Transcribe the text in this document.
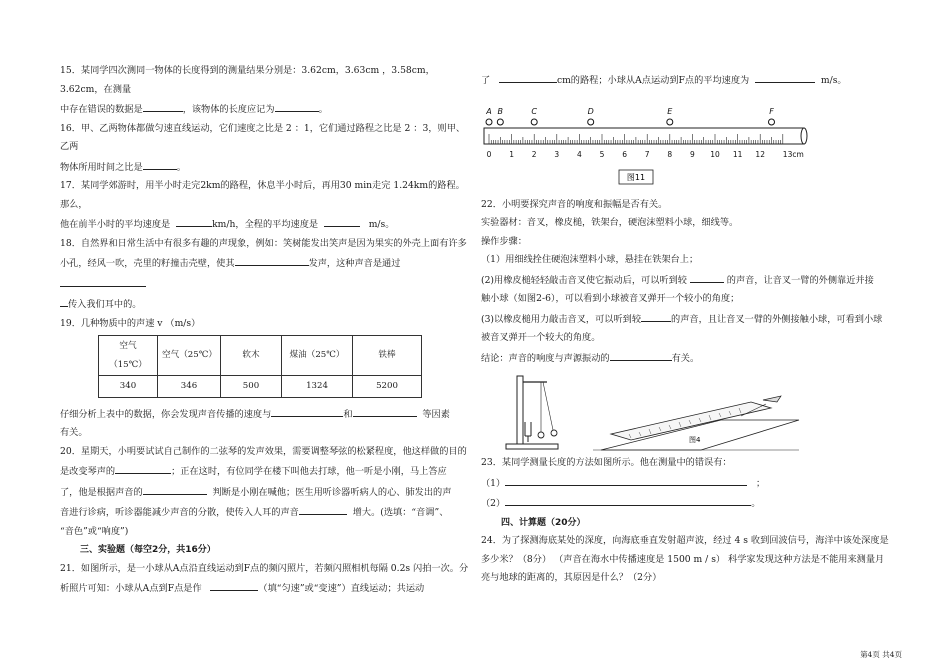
15．某同学四次测同一物体的长度得到的测量结果分别是：3.62cm，3.63cm ，3.58cm，3.62cm，在测量

中存在错误的数据是	，该物体的长度应记为	。

16．甲、乙两物体都做匀速直线运动，它们速度之比是 2 ：1，它们通过路程之比是 2 ：3，则甲、乙两

物体所用时间之比是	。

17．某同学郊游时，用半小时走完2km的路程，休息半小时后，再用30 min走完 1.24km的路程。那么，

他在前半小时的平均速度是	km/h，全程的平均速度是	m/s。

18．自然界和日常生活中有很多有趣的声现象，例如：笑树能发出笑声是因为果实的外壳上面有许多

小孔，经风一吹，壳里的籽撞击壳壁，使其	发声，这种声音是通过

传入我们耳中的。

19．几种物质中的声速 v （m/s）

空气（15℃）	空气（25℃）	软木	煤油（25℃）	铁棒
340	346	500	1324	5200

仔细分析上表中的数据，你会发现声音传播的速度与	和	等因素

有关。

20．星期天，小明要试试自己制作的二弦琴的发声效果，需要调整琴弦的松紧程度，他这样做的目的

是改变琴声的	；正在这时，有位同学在楼下叫他去打球，他一听是小刚，马上答应

了，他是根据声音的	判断是小刚在喊他；医生用听诊器听病人的心、肺发出的声

音进行诊病，听诊器能减少声音的分散，使传入人耳的声音	增大。(选填：“音调”、

“音色”或“响度”)

三、实验题（每空2分，共16分）

21．如图所示，是一小球从A点沿直线运动到F点的频闪照片，若频闪照相机每隔 0.2s 闪拍一次。分

析照片可知：小球从A点到F点是作	（填“匀速”或“变速”）直线运动；共运动

了	cm的路程；小球从A点运动到F点的平均速度为	m/s。

0 1 2 3 4 5 6 7 8 9 10 11 12 13cm
A B	C	D	E	F
图11

22．小明要探究声音的响度和振幅是否有关。

实验器材：音叉，橡皮槌，铁架台，硬泡沫塑料小球，细线等。

操作步骤：

（1）用细线拴住硬泡沫塑料小球，悬挂在铁架台上；

(2)用橡皮槌轻轻敲击音叉使它振动后，可以听到较	的声音，让音叉一臂的外侧靠近并接

触小球（如图2-6），可以看到小球被音叉弹开一个较小的角度；

(3)以橡皮槌用力敲击音叉，可以听到较	的声音，且让音叉一臂的外侧接触小球，可看到小球

被音叉弹开一个较大的角度。

结论：声音的响度与声源振动的	有关。

图4

23．某同学测量长度的方法如图所示。他在测量中的错误有：

（1）	；

（2）	。

四、计算题（20分）

24．为了探测海底某处的深度，向海底垂直发射超声波，经过 4 s 收到回波信号，海洋中该处深度是

多少米？（8分） （声音在海水中传播速度是 1500 m / s） 科学家发现这种方法是不能用来测量月

亮与地球的距离的，其原因是什么？（2分）

第4页 共4页
